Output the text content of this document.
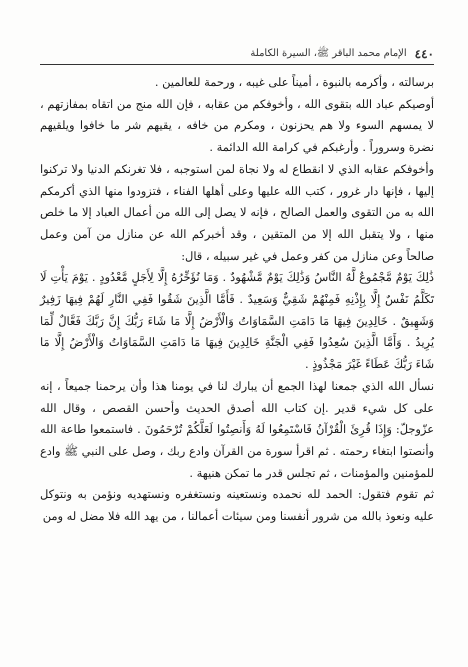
٤٤٠
الإمام محمد الباقر ﷺ، السيرة الكاملة

برسالته ، وأكرمه بالنبوة ، أميناً على غيبه ، ورحمة للعالمين .

أوصيكم عباد الله بتقوى الله ، وأخوفكم من عقابه ، فإن الله منج من اتقاه بمفازتهم ، لا يمسهم السوء ولا هم يحزنون ، ومكرم من خافه ، يقيهم شر ما خافوا ويلقيهم نضرة وسروراً . وأرغبكم في كرامة الله الدائمة .

وأخوفكم عقابه الذي لا انقطاع له ولا نجاة لمن استوجبه ، فلا تغرنكم الدنيا ولا تركنوا إليها ، فإنها دار غرور ، كتب الله عليها وعلى أهلها الفناء ، فتزودوا منها الذي أكرمكم الله به من التقوى والعمل الصالح ، فإنه لا يصل إلى الله من أعمال العباد إلا ما خلص منها ، ولا يتقبل الله إلا من المتقين ، وقد أخبركم الله عن منازل من آمن وعمل صالحاً وعن منازل من كفر وعمل في غير سبيله ، قال:

ذَٰلِكَ يَوْمٌ مَّجْمُوعٌ لَّهُ النَّاسُ وَذَٰلِكَ يَوْمٌ مَّشْهُودٌ . وَمَا نُؤَخِّرُهُ إِلَّا لِأَجَلٍ مَّعْدُودٍ . يَوْمَ يَأْتِ لَا تَكَلَّمُ نَفْسٌ إِلَّا بِإِذْنِهِ فَمِنْهُمْ شَقِيٌّ وَسَعِيدٌ . فَأَمَّا الَّذِينَ شَقُوا فَفِي النَّارِ لَهُمْ فِيهَا زَفِيرٌ وَشَهِيقٌ . خَالِدِينَ فِيهَا مَا دَامَتِ السَّمَاوَاتُ وَالْأَرْضُ إِلَّا مَا شَاءَ رَبُّكَ إِنَّ رَبَّكَ فَعَّالٌ لِّمَا يُرِيدُ . وَأَمَّا الَّذِينَ سُعِدُوا فَفِي الْجَنَّةِ خَالِدِينَ فِيهَا مَا دَامَتِ السَّمَاوَاتُ وَالْأَرْضُ إِلَّا مَا شَاءَ رَبُّكَ عَطَاءً غَيْرَ مَجْذُوذٍ .

نسأل الله الذي جمعنا لهذا الجمع أن يبارك لنا في يومنا هذا وأن يرحمنا جميعاً ، إنه على كل شيء قدير .إن كتاب الله أصدق الحديث وأحسن القصص ، وقال الله عزّوجلّ: وَإِذَا قُرِئَ الْقُرْآنُ فَاسْتَمِعُوا لَهُ وَأَنصِتُوا لَعَلَّكُمْ تُرْحَمُونَ . فاستمعوا طاعة الله وأنصتوا ابتغاء رحمته . ثم اقرأ سورة من القرآن وادع ربك ، وصل على النبي ﷺ وادع للمؤمنين والمؤمنات ، ثم تجلس قدر ما تمكن هنيهة .

ثم تقوم فتقول: الحمد لله نحمده ونستعينه ونستغفره ونستهديه ونؤمن به ونتوكل عليه ونعوذ بالله من شرور أنفسنا ومن سيئات أعمالنا ، من يهد الله فلا مضل له ومن
